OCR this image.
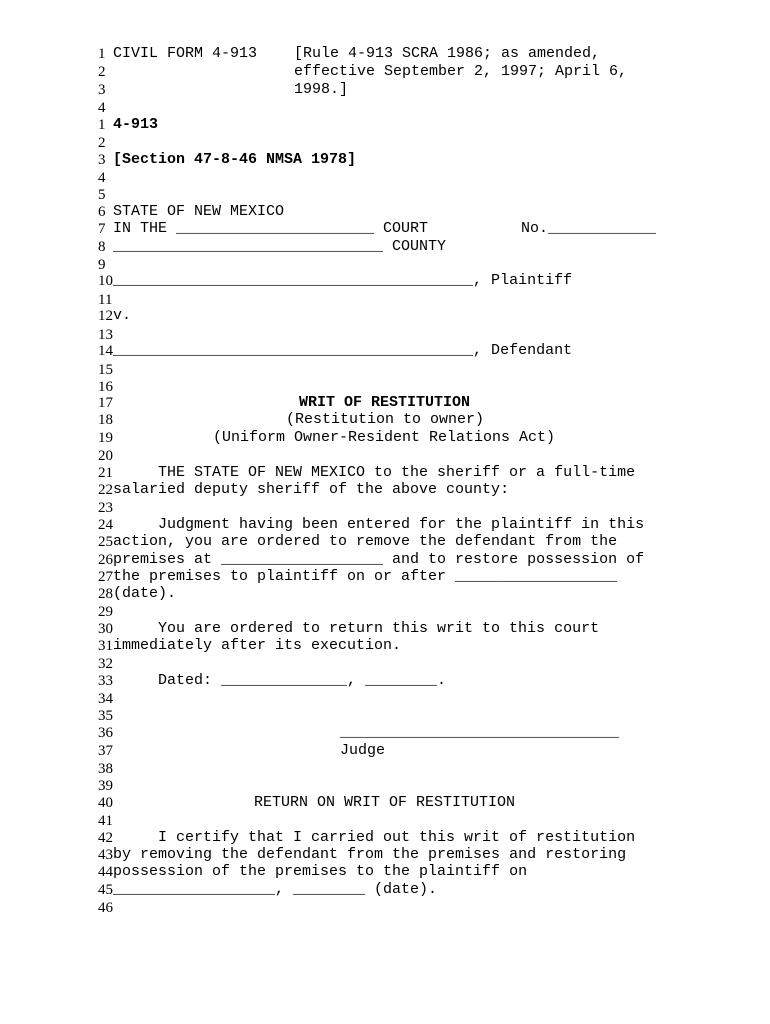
1 CIVIL FORM 4-913 [Rule 4-913 SCRA 1986; as amended,
2	effective September 2, 1997; April 6,
3	1998.]
4
1 4-913
2
3 [Section 47-8-46 NMSA 1978]
4
5
6 STATE OF NEW MEXICO
7 IN THE ______________________ COURT	No.____________
8 ______________________________ COUNTY
9
10 ________________________________________, Plaintiff
11
12 v.
13
14 ________________________________________, Defendant
15
16
17	WRIT OF RESTITUTION
18	(Restitution to owner)
19	(Uniform Owner-Resident Relations Act)
20
21	THE STATE OF NEW MEXICO to the sheriff or a full-time
22 salaried deputy sheriff of the above county:
23
24	Judgment having been entered for the plaintiff in this
25 action, you are ordered to remove the defendant from the
26 premises at __________________ and to restore possession of
27 the premises to plaintiff on or after __________________
28 (date).
29
30	You are ordered to return this writ to this court
31 immediately after its execution.
32
33	Dated: ______________, ________.
34
35
36	_______________________________
37	Judge
38
39
40	RETURN ON WRIT OF RESTITUTION
41
42	I certify that I carried out this writ of restitution
43 by removing the defendant from the premises and restoring
44 possession of the premises to the plaintiff on
45 __________________, ________ (date).
46
